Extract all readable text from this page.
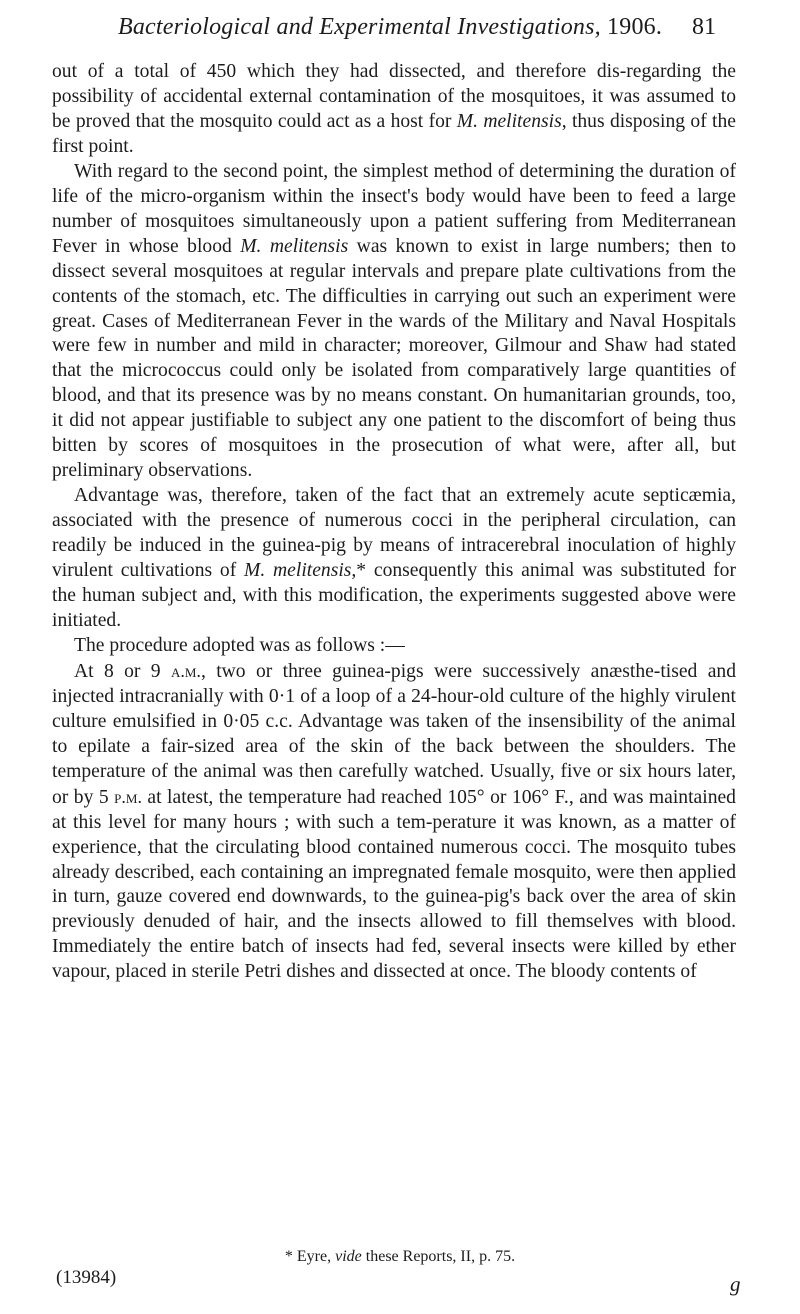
Bacteriological and Experimental Investigations, 1906. 81

out of a total of 450 which they had dissected, and therefore dis-regarding the possibility of accidental external contamination of the mosquitoes, it was assumed to be proved that the mosquito could act as a host for M. melitensis, thus disposing of the first point.

With regard to the second point, the simplest method of determining the duration of life of the micro-organism within the insect's body would have been to feed a large number of mosquitoes simultaneously upon a patient suffering from Mediterranean Fever in whose blood M. melitensis was known to exist in large numbers; then to dissect several mosquitoes at regular intervals and prepare plate cultivations from the contents of the stomach, etc. The difficulties in carrying out such an experiment were great. Cases of Mediterranean Fever in the wards of the Military and Naval Hospitals were few in number and mild in character; moreover, Gilmour and Shaw had stated that the micrococcus could only be isolated from comparatively large quantities of blood, and that its presence was by no means constant. On humanitarian grounds, too, it did not appear justifiable to subject any one patient to the discomfort of being thus bitten by scores of mosquitoes in the prosecution of what were, after all, but preliminary observations.

Advantage was, therefore, taken of the fact that an extremely acute septicæmia, associated with the presence of numerous cocci in the peripheral circulation, can readily be induced in the guinea-pig by means of intracerebral inoculation of highly virulent cultivations of M. melitensis,* consequently this animal was substituted for the human subject and, with this modification, the experiments suggested above were initiated.

The procedure adopted was as follows :—

At 8 or 9 a.m., two or three guinea-pigs were successively anæsthe-tised and injected intracranially with 0·1 of a loop of a 24-hour-old culture of the highly virulent culture emulsified in 0·05 c.c. Advantage was taken of the insensibility of the animal to epilate a fair-sized area of the skin of the back between the shoulders. The temperature of the animal was then carefully watched. Usually, five or six hours later, or by 5 p.m. at latest, the temperature had reached 105° or 106° F., and was maintained at this level for many hours ; with such a tem-perature it was known, as a matter of experience, that the circulating blood contained numerous cocci. The mosquito tubes already described, each containing an impregnated female mosquito, were then applied in turn, gauze covered end downwards, to the guinea-pig's back over the area of skin previously denuded of hair, and the insects allowed to fill themselves with blood. Immediately the entire batch of insects had fed, several insects were killed by ether vapour, placed in sterile Petri dishes and dissected at once. The bloody contents of

* Eyre, vide these Reports, II, p. 75.
(13984)	g
